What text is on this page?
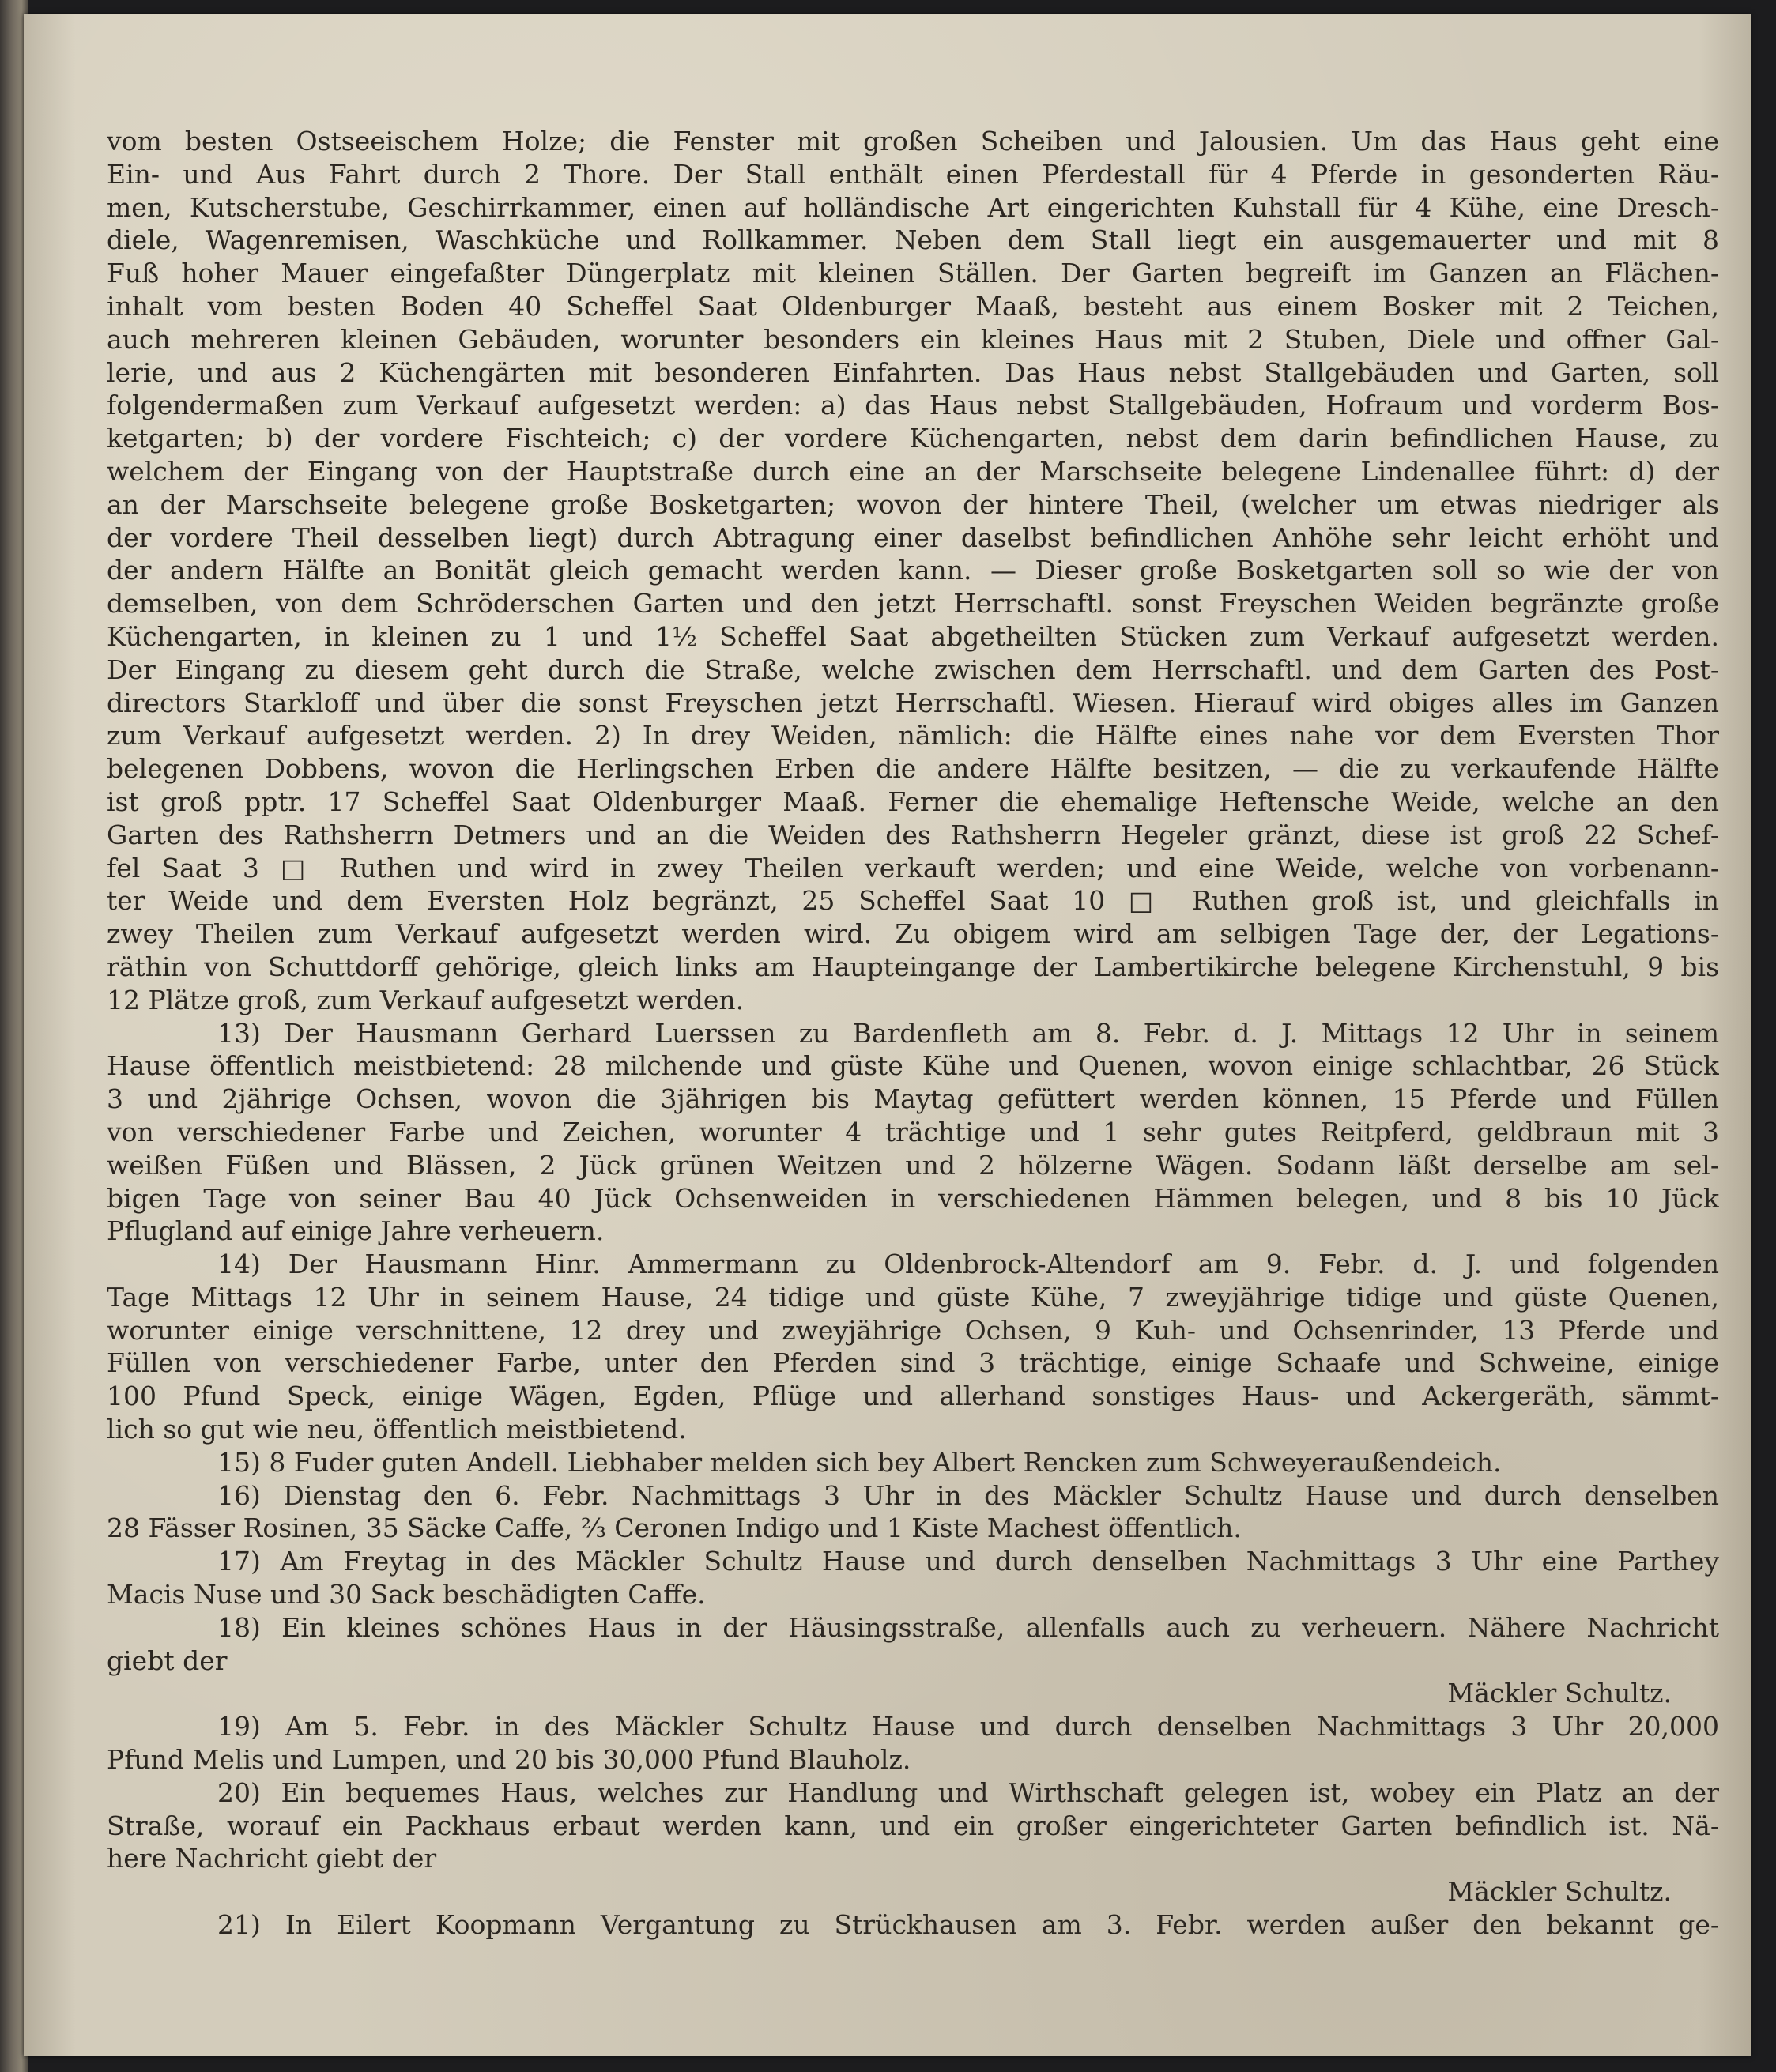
vom besten Ostseeischem Holze; die Fenster mit großen Scheiben und Jalousien. Um das Haus geht eine
Ein- und Aus Fahrt durch 2 Thore. Der Stall enthält einen Pferdestall für 4 Pferde in gesonderten Räu-
men, Kutscherstube, Geschirrkammer, einen auf holländische Art eingerichten Kuhstall für 4 Kühe, eine Dresch-
diele, Wagenremisen, Waschküche und Rollkammer. Neben dem Stall liegt ein ausgemauerter und mit 8
Fuß hoher Mauer eingefaßter Düngerplatz mit kleinen Ställen. Der Garten begreift im Ganzen an Flächen-
inhalt vom besten Boden 40 Scheffel Saat Oldenburger Maaß, besteht aus einem Bosker mit 2 Teichen,
auch mehreren kleinen Gebäuden, worunter besonders ein kleines Haus mit 2 Stuben, Diele und offner Gal-
lerie, und aus 2 Küchengärten mit besonderen Einfahrten. Das Haus nebst Stallgebäuden und Garten, soll
folgendermaßen zum Verkauf aufgesetzt werden: a) das Haus nebst Stallgebäuden, Hofraum und vorderm Bos-
ketgarten; b) der vordere Fischteich; c) der vordere Küchengarten, nebst dem darin befindlichen Hause, zu
welchem der Eingang von der Hauptstraße durch eine an der Marschseite belegene Lindenallee führt: d) der
an der Marschseite belegene große Bosketgarten; wovon der hintere Theil, (welcher um etwas niedriger als
der vordere Theil desselben liegt) durch Abtragung einer daselbst befindlichen Anhöhe sehr leicht erhöht und
der andern Hälfte an Bonität gleich gemacht werden kann. — Dieser große Bosketgarten soll so wie der von
demselben, von dem Schröderschen Garten und den jetzt Herrschaftl. sonst Freyschen Weiden begränzte große
Küchengarten, in kleinen zu 1 und 1½ Scheffel Saat abgetheilten Stücken zum Verkauf aufgesetzt werden.
Der Eingang zu diesem geht durch die Straße, welche zwischen dem Herrschaftl. und dem Garten des Post-
directors Starkloff und über die sonst Freyschen jetzt Herrschaftl. Wiesen. Hierauf wird obiges alles im Ganzen
zum Verkauf aufgesetzt werden. 2) In drey Weiden, nämlich: die Hälfte eines nahe vor dem Eversten Thor
belegenen Dobbens, wovon die Herlingschen Erben die andere Hälfte besitzen, — die zu verkaufende Hälfte
ist groß pptr. 17 Scheffel Saat Oldenburger Maaß. Ferner die ehemalige Heftensche Weide, welche an den
Garten des Rathsherrn Detmers und an die Weiden des Rathsherrn Hegeler gränzt, diese ist groß 22 Schef-
fel Saat 3 □ Ruthen und wird in zwey Theilen verkauft werden; und eine Weide, welche von vorbenann-
ter Weide und dem Eversten Holz begränzt, 25 Scheffel Saat 10 □ Ruthen groß ist, und gleichfalls in
zwey Theilen zum Verkauf aufgesetzt werden wird. Zu obigem wird am selbigen Tage der, der Legations-
räthin von Schuttdorff gehörige, gleich links am Haupteingange der Lambertikirche belegene Kirchenstuhl, 9 bis
12 Plätze groß, zum Verkauf aufgesetzt werden.
13) Der Hausmann Gerhard Luerssen zu Bardenfleth am 8. Febr. d. J. Mittags 12 Uhr in seinem
Hause öffentlich meistbietend: 28 milchende und güste Kühe und Quenen, wovon einige schlachtbar, 26 Stück
3 und 2jährige Ochsen, wovon die 3jährigen bis Maytag gefüttert werden können, 15 Pferde und Füllen
von verschiedener Farbe und Zeichen, worunter 4 trächtige und 1 sehr gutes Reitpferd, geldbraun mit 3
weißen Füßen und Blässen, 2 Jück grünen Weitzen und 2 hölzerne Wägen. Sodann läßt derselbe am sel-
bigen Tage von seiner Bau 40 Jück Ochsenweiden in verschiedenen Hämmen belegen, und 8 bis 10 Jück
Pflugland auf einige Jahre verheuern.
14) Der Hausmann Hinr. Ammermann zu Oldenbrock-Altendorf am 9. Febr. d. J. und folgenden
Tage Mittags 12 Uhr in seinem Hause, 24 tidige und güste Kühe, 7 zweyjährige tidige und güste Quenen,
worunter einige verschnittene, 12 drey und zweyjährige Ochsen, 9 Kuh- und Ochsenrinder, 13 Pferde und
Füllen von verschiedener Farbe, unter den Pferden sind 3 trächtige, einige Schaafe und Schweine, einige
100 Pfund Speck, einige Wägen, Egden, Pflüge und allerhand sonstiges Haus- und Ackergeräth, sämmt-
lich so gut wie neu, öffentlich meistbietend.
15) 8 Fuder guten Andell. Liebhaber melden sich bey Albert Rencken zum Schweyeraußendeich.
16) Dienstag den 6. Febr. Nachmittags 3 Uhr in des Mäckler Schultz Hause und durch denselben
28 Fässer Rosinen, 35 Säcke Caffe, ⅔ Ceronen Indigo und 1 Kiste Machest öffentlich.
17) Am Freytag in des Mäckler Schultz Hause und durch denselben Nachmittags 3 Uhr eine Parthey
Macis Nuse und 30 Sack beschädigten Caffe.
18) Ein kleines schönes Haus in der Häusingsstraße, allenfalls auch zu verheuern. Nähere Nachricht
giebt der
Mäckler Schultz.
19) Am 5. Febr. in des Mäckler Schultz Hause und durch denselben Nachmittags 3 Uhr 20,000
Pfund Melis und Lumpen, und 20 bis 30,000 Pfund Blauholz.
20) Ein bequemes Haus, welches zur Handlung und Wirthschaft gelegen ist, wobey ein Platz an der
Straße, worauf ein Packhaus erbaut werden kann, und ein großer eingerichteter Garten befindlich ist. Nä-
here Nachricht giebt der
Mäckler Schultz.
21) In Eilert Koopmann Vergantung zu Strückhausen am 3. Febr. werden außer den bekannt ge-
